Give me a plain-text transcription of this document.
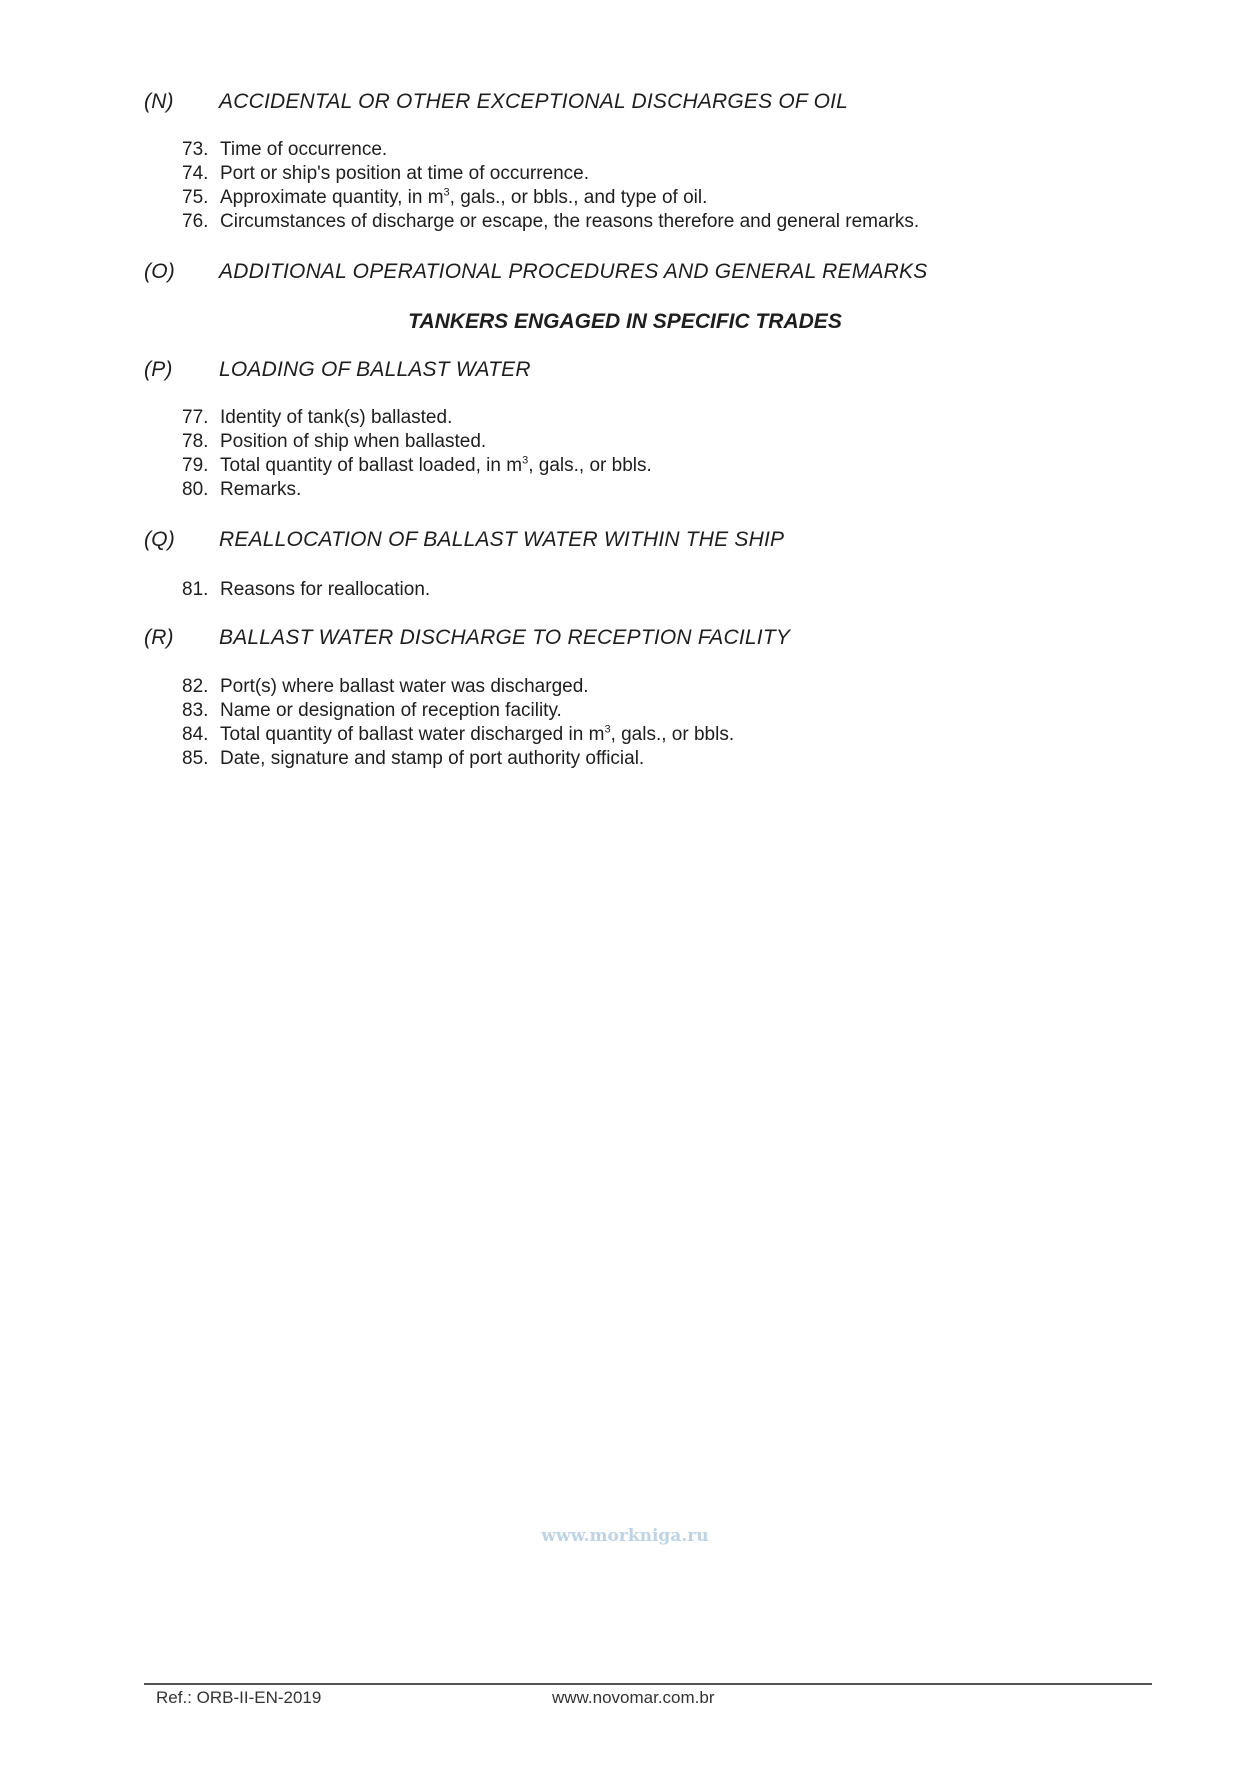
(N) ACCIDENTAL OR OTHER EXCEPTIONAL DISCHARGES OF OIL
73. Time of occurrence.
74. Port or ship's position at time of occurrence.
75. Approximate quantity, in $m^3$, gals., or bbls., and type of oil.
76. Circumstances of discharge or escape, the reasons therefore and general remarks.
(O) ADDITIONAL OPERATIONAL PROCEDURES AND GENERAL REMARKS
TANKERS ENGAGED IN SPECIFIC TRADES
(P) LOADING OF BALLAST WATER
77. Identity of tank(s) ballasted.
78. Position of ship when ballasted.
79. Total quantity of ballast loaded, in $m^3$, gals., or bbls.
80. Remarks.
(Q) REALLOCATION OF BALLAST WATER WITHIN THE SHIP
81. Reasons for reallocation.
(R) BALLAST WATER DISCHARGE TO RECEPTION FACILITY
82. Port(s) where ballast water was discharged.
83. Name or designation of reception facility.
84. Total quantity of ballast water discharged in $m^3$, gals., or bbls.
85. Date, signature and stamp of port authority official.
www.morkniga.ru
Ref.: ORB-II-EN-2019	www.novomar.com.br
